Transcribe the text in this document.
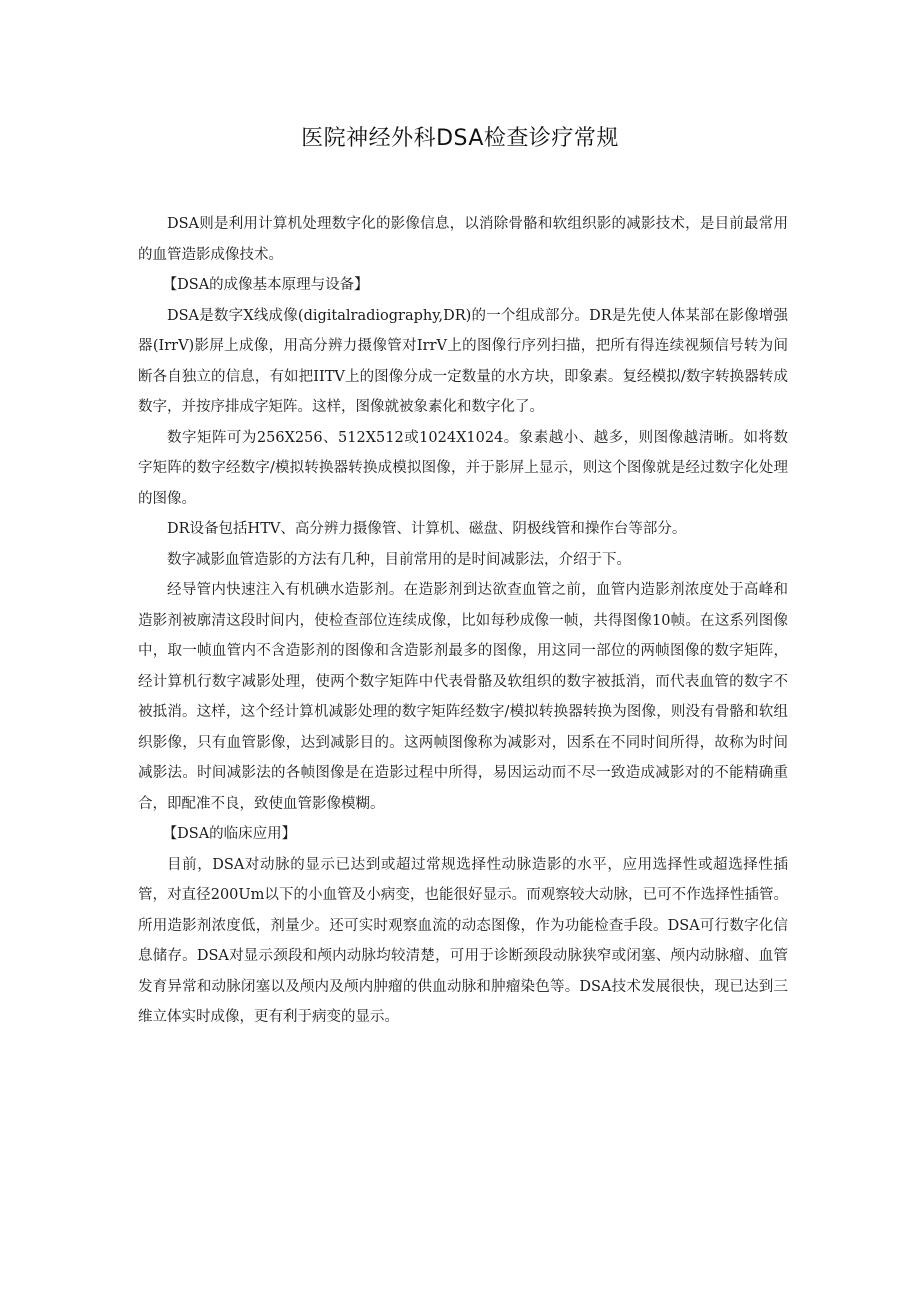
医院神经外科DSA检查诊疗常规

DSA则是利用计算机处理数字化的影像信息，以消除骨骼和软组织影的减影技术，是目前最常用的血管造影成像技术。

【DSA的成像基本原理与设备】

DSA是数字X线成像(digitalradiography,DR)的一个组成部分。DR是先使人体某部在影像增强器(IrrV)影屏上成像，用高分辨力摄像管对IrrV上的图像行序列扫描，把所有得连续视频信号转为间断各自独立的信息，有如把IITV上的图像分成一定数量的水方块，即象素。复经模拟/数字转换器转成数字，并按序排成字矩阵。这样，图像就被象素化和数字化了。

数字矩阵可为256X256、512X512或1024X1024。象素越小、越多，则图像越清晰。如将数字矩阵的数字经数字/模拟转换器转换成模拟图像，并于影屏上显示，则这个图像就是经过数字化处理的图像。

DR设备包括HTV、高分辨力摄像管、计算机、磁盘、阴极线管和操作台等部分。

数字减影血管造影的方法有几种，目前常用的是时间减影法，介绍于下。

经导管内快速注入有机碘水造影剂。在造影剂到达欲查血管之前，血管内造影剂浓度处于高峰和造影剂被廓清这段时间内，使检查部位连续成像，比如每秒成像一帧，共得图像10帧。在这系列图像中，取一帧血管内不含造影剂的图像和含造影剂最多的图像，用这同一部位的两帧图像的数字矩阵，经计算机行数字减影处理，使两个数字矩阵中代表骨骼及软组织的数字被抵消，而代表血管的数字不被抵消。这样，这个经计算机减影处理的数字矩阵经数字/模拟转换器转换为图像，则没有骨骼和软组织影像，只有血管影像，达到减影目的。这两帧图像称为减影对，因系在不同时间所得，故称为时间减影法。时间减影法的各帧图像是在造影过程中所得，易因运动而不尽一致造成减影对的不能精确重合，即配准不良，致使血管影像模糊。

【DSA的临床应用】

目前，DSA对动脉的显示已达到或超过常规选择性动脉造影的水平，应用选择性或超选择性插管，对直径200Um以下的小血管及小病变，也能很好显示。而观察较大动脉，已可不作选择性插管。所用造影剂浓度低，剂量少。还可实时观察血流的动态图像，作为功能检查手段。DSA可行数字化信息储存。DSA对显示颈段和颅内动脉均较清楚，可用于诊断颈段动脉狭窄或闭塞、颅内动脉瘤、血管发育异常和动脉闭塞以及颅内及颅内肿瘤的供血动脉和肿瘤染色等。DSA技术发展很快，现已达到三维立体实时成像，更有利于病变的显示。
